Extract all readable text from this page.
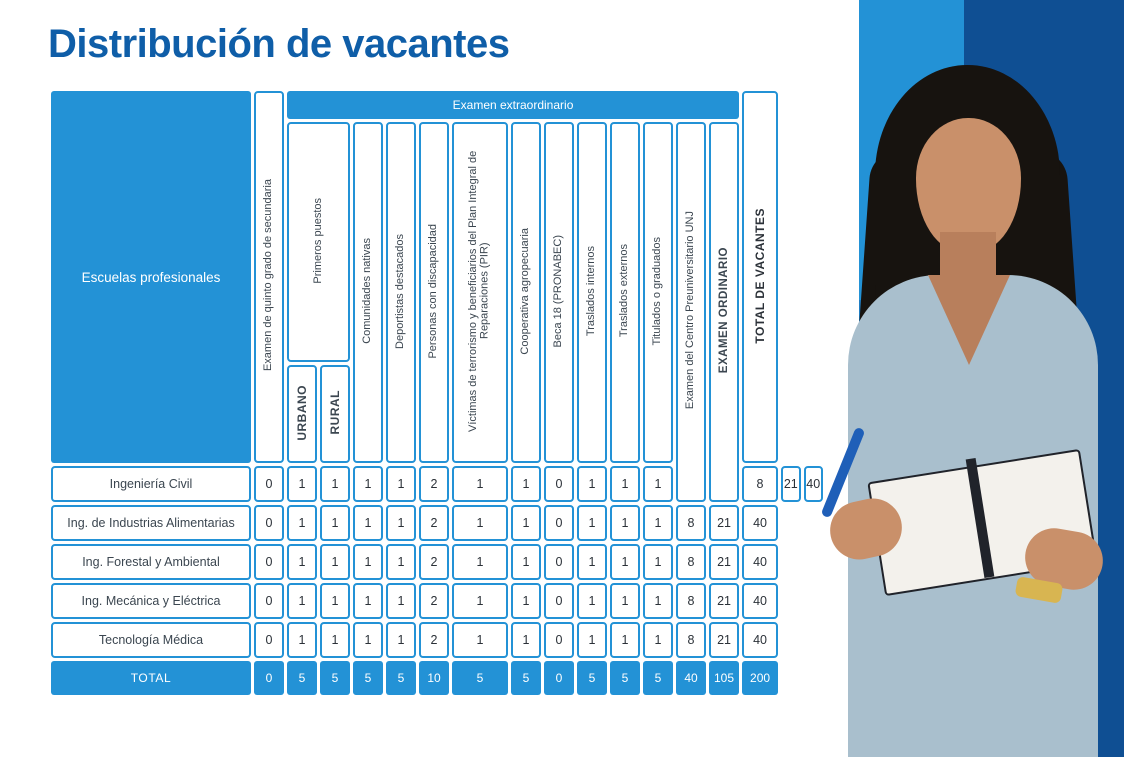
Distribución de vacantes
Escuelas profesionales	Examen de quinto grado de secundaria	Examen extraordinario													TOTAL DE VACANTES		
		Primeros puestos		Comunidades nativas	Deportistas destacados	Personas con discapacidad	Víctimas de terrorismo y beneficiarios del Plan Integral de Reparaciones (PIR)	Cooperativa agropecuaria	Beca 18 (PRONABEC)	Traslados internos	Traslados externos	Titulados o graduados	Examen del Centro Preuniversitario UNJ	EXAMEN ORDINARIO			
		URBANO	RURAL														
Ingeniería Civil	0	1	1	1	1	2	1	1	0	1	1	1			8	21	40
Ing. de Industrias Alimentarias	0	1	1	1	1	2	1	1	0	1	1	1	8	21	40		
Ing. Forestal y Ambiental	0	1	1	1	1	2	1	1	0	1	1	1	8	21	40		
Ing. Mecánica y Eléctrica	0	1	1	1	1	2	1	1	0	1	1	1	8	21	40		
Tecnología Médica	0	1	1	1	1	2	1	1	0	1	1	1	8	21	40		
TOTAL	0	5	5	5	5	10	5	5	0	5	5	5	40	105	200		
